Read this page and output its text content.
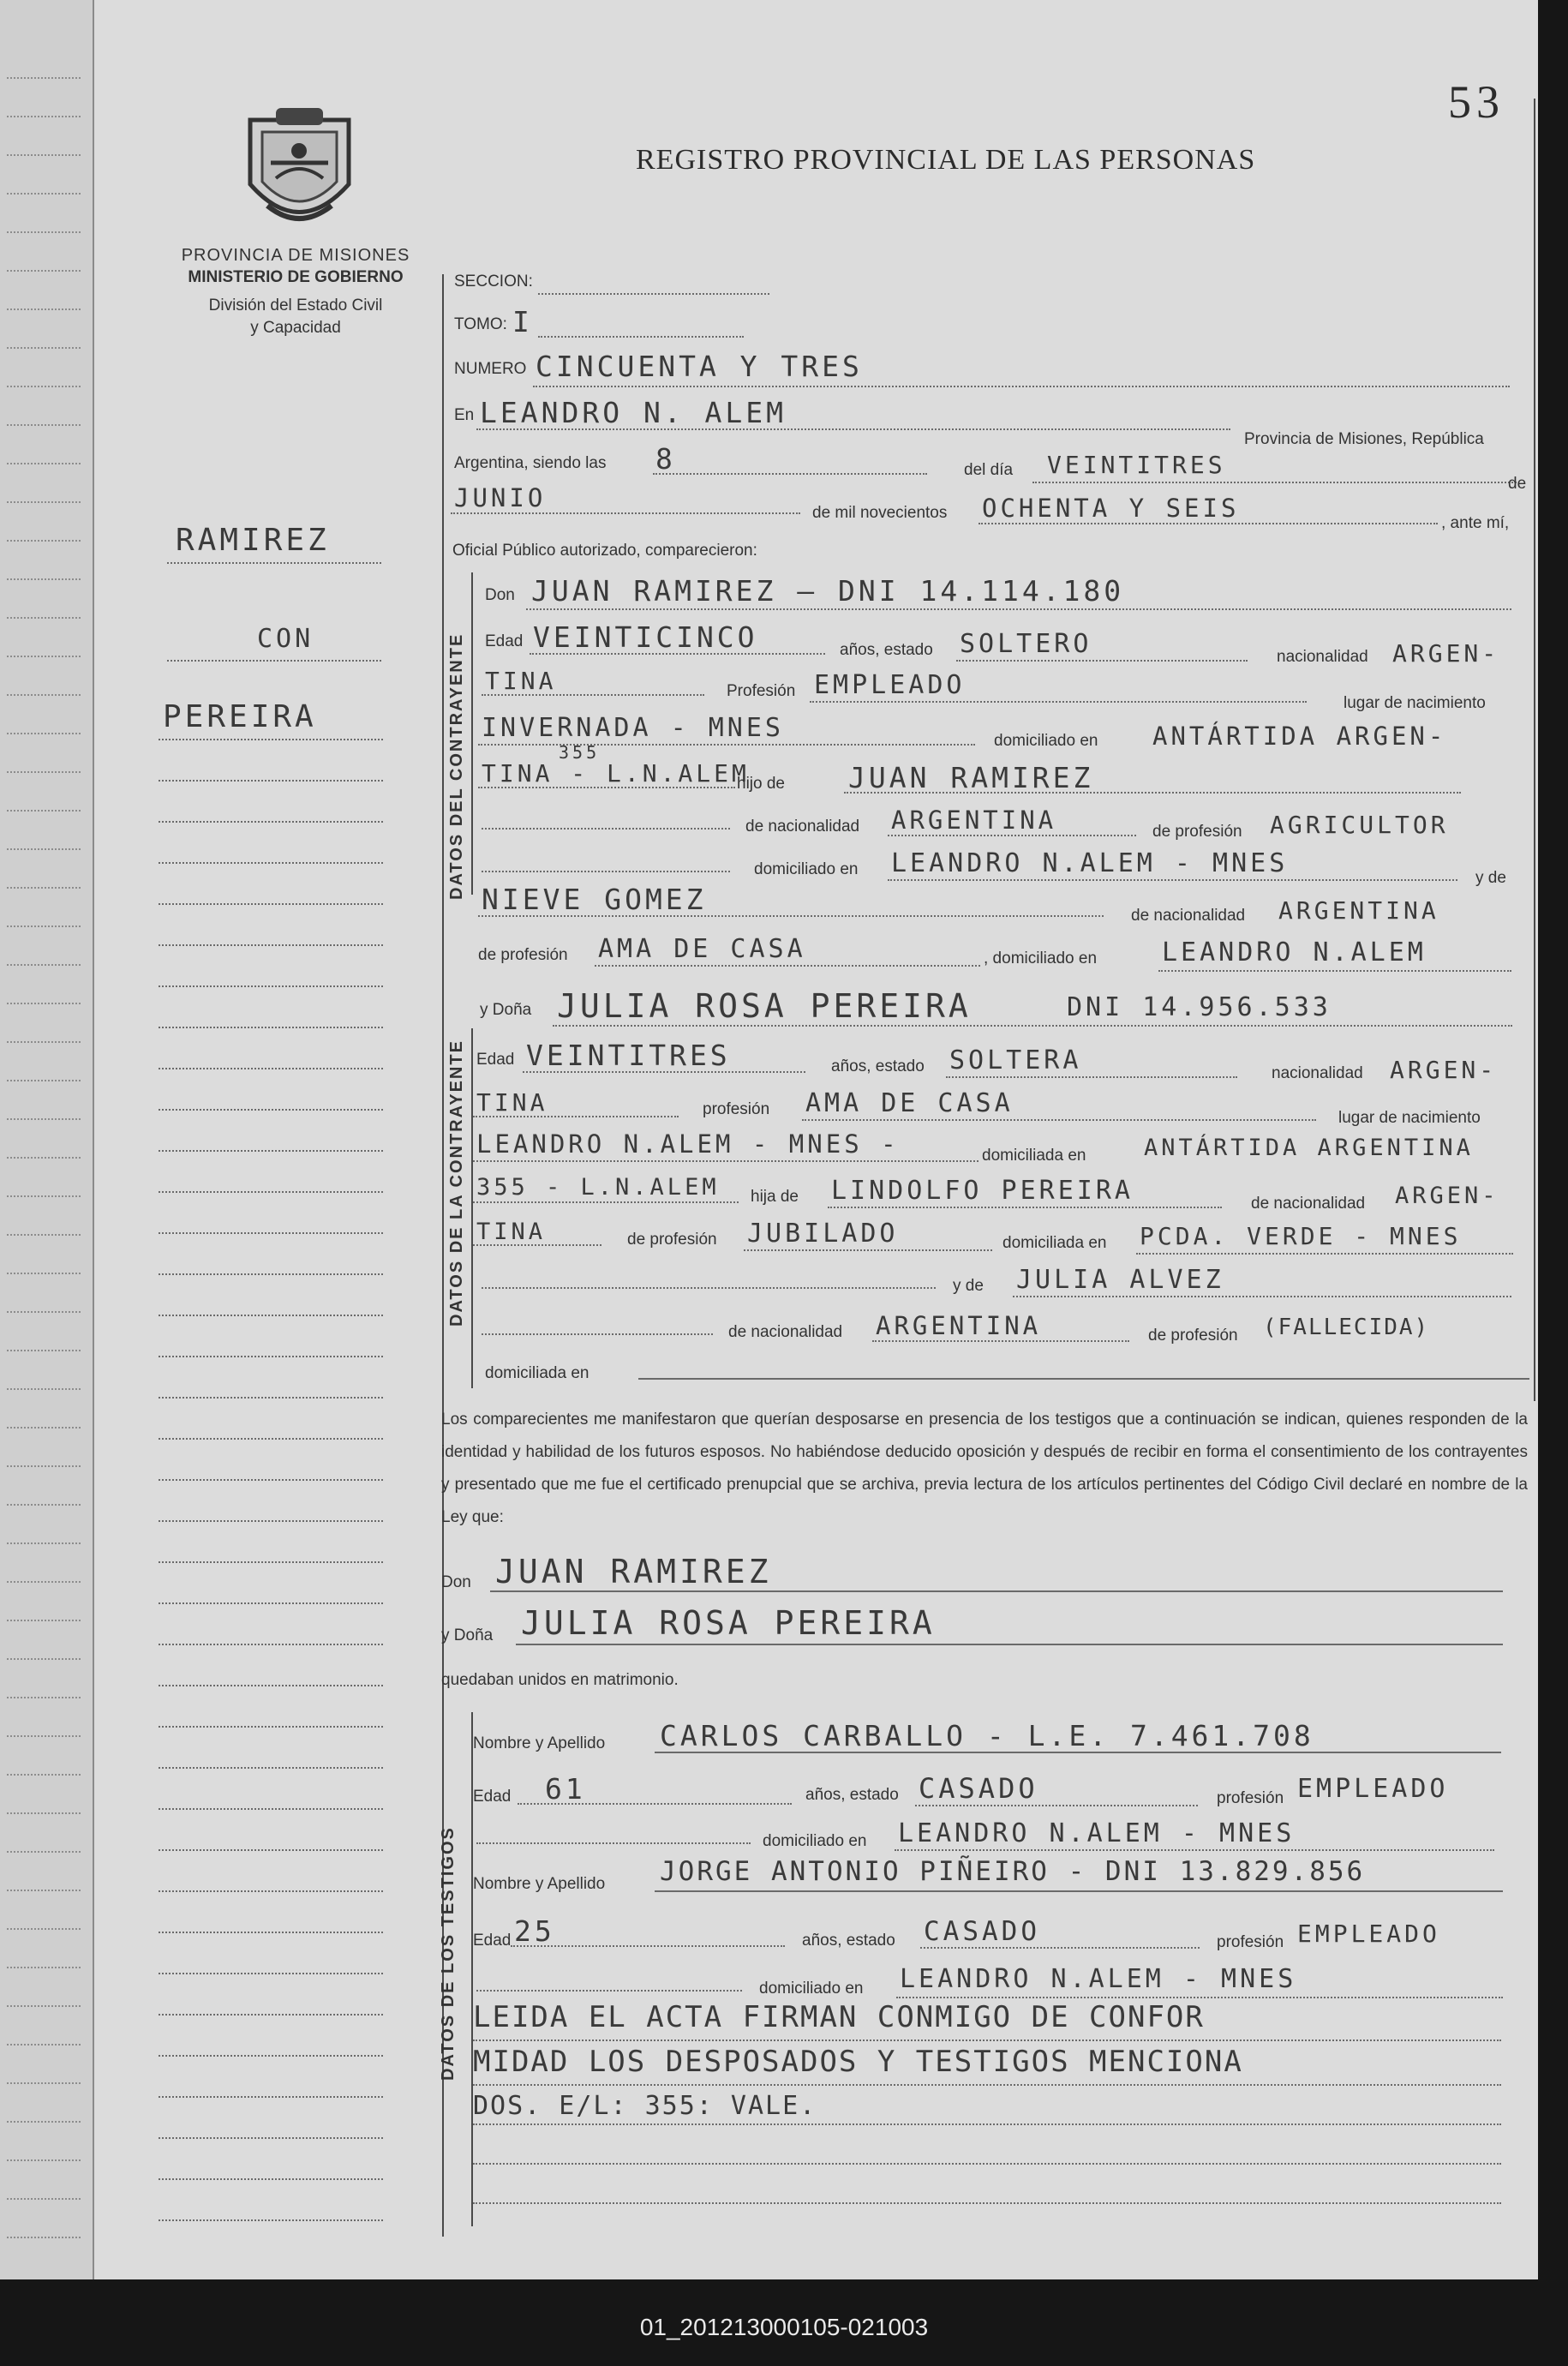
53
REGISTRO PROVINCIAL DE LAS PERSONAS
PROVINCIA DE MISIONES
MINISTERIO DE GOBIERNO
División del Estado Civil
y Capacidad
RAMIREZ
CON
PEREIRA
SECCION:
TOMO: I
NUMERO CINCUENTA Y TRES
En LEANDRO N. ALEM
Provincia de Misiones, República
Argentina, siendo las 8	del día VEINTITRES
JUNIO	de
de mil novecientos OCHENTA Y SEIS
, ante mí,
Oficial Público autorizado, comparecieron:
DATOS DEL CONTRAYENTE
Don JUAN RAMIREZ — DNI 14.114.180
Edad VEINTICINCO	años, estado SOLTERO	nacionalidad ARGEN-
TINA	Profesión EMPLEADO
lugar de nacimiento
INVERNADA - MNES	domiciliado en ANTÁRTIDA ARGEN-
355
TINA - L.N.ALEM
hijo de JUAN RAMIREZ
de nacionalidad ARGENTINA	de profesión AGRICULTOR
domiciliado en LEANDRO N.ALEM - MNES	y de
NIEVE GOMEZ	de nacionalidad ARGENTINA
de profesión AMA DE CASA	, domiciliado en	LEANDRO N.ALEM
DATOS DE LA CONTRAYENTE
y Doña JULIA ROSA PEREIRA	DNI 14.956.533
Edad VEINTITRES	años, estado SOLTERA	nacionalidad ARGEN-
TINA	profesión AMA DE CASA	lugar de nacimiento
LEANDRO N.ALEM - MNES -	domiciliada en	ANTÁRTIDA ARGENTINA
355 - L.N.ALEM hija de LINDOLFO PEREIRA	de nacionalidad ARGEN-
TINA	de profesión JUBILADO	domiciliada en PCDA. VERDE - MNES
y de JULIA ALVEZ
de nacionalidad ARGENTINA	de profesión (FALLECIDA)
domiciliada en
Los comparecientes me manifestaron que querían desposarse en presencia de los testigos que a continuación se indican, quienes responden de la identidad y habilidad de los futuros esposos. No habiéndose deducido oposición y después de recibir en forma el consentimiento de los contrayentes y presentado que me fue el certificado prenupcial que se archiva, previa lectura de los artículos pertinentes del Código Civil declaré en nombre de la Ley que:
Don JUAN RAMIREZ
y Doña JULIA ROSA PEREIRA
quedaban unidos en matrimonio.
DATOS DE LOS TESTIGOS
Nombre y Apellido CARLOS CARBALLO - L.E. 7.461.708
Edad 61	años, estado CASADO	profesión EMPLEADO
domiciliado en LEANDRO N.ALEM - MNES
Nombre y Apellido JORGE ANTONIO PIÑEIRO - DNI 13.829.856
Edad 25	años, estado CASADO	profesión EMPLEADO
domiciliado en LEANDRO N.ALEM - MNES
LEIDA EL ACTA FIRMAN CONMIGO DE CONFOR
MIDAD LOS DESPOSADOS Y TESTIGOS MENCIONA
DOS. E/L: 355: VALE.
01_201213000105-021003
